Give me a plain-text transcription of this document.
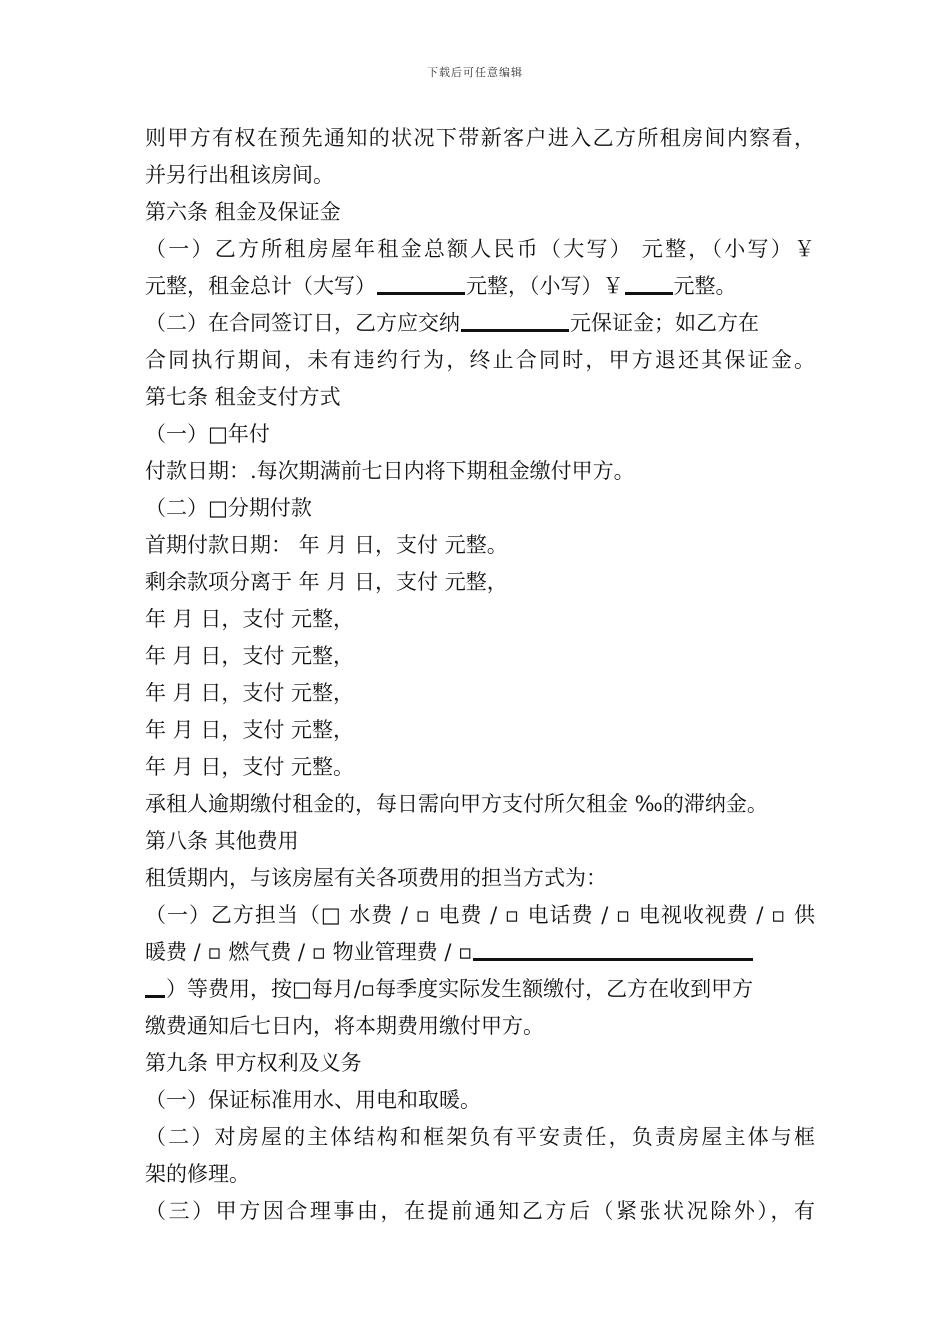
下载后可任意编辑
则甲方有权在预先通知的状况下带新客户进入乙方所租房间内察看，
并另行出租该房间。
第六条 租金及保证金
（一）乙方所租房屋年租金总额人民币（大写） 元整，（小写）￥
元整，租金总计（大写）	元整，（小写）￥ 元整。
（二）在合同签订日，乙方应交纳	元保证金；如乙方在
合同执行期间，未有违约行为，终止合同时，甲方退还其保证金。
第七条 租金支付方式
（一）□年付
付款日期：.每次期满前七日内将下期租金缴付甲方。
（二）□分期付款
首期付款日期： 年 月 日，支付 元整。
剩余款项分离于 年 月 日，支付 元整，
年 月 日，支付 元整，
年 月 日，支付 元整，
年 月 日，支付 元整，
年 月 日，支付 元整，
年 月 日，支付 元整。
承租人逾期缴付租金的，每日需向甲方支付所欠租金 ‰的滞纳金。
第八条 其他费用
租赁期内，与该房屋有关各项费用的担当方式为：
（一）乙方担当（□ 水费 / ▫ 电费 / ▫ 电话费 / ▫ 电视收视费 / ▫ 供
暖费 / ▫ 燃气费 / ▫ 物业管理费 / ▫
）等费用，按□每月/▫每季度实际发生额缴付，乙方在收到甲方
缴费通知后七日内，将本期费用缴付甲方。
第九条 甲方权利及义务
（一）保证标准用水、用电和取暖。
（二）对房屋的主体结构和框架负有平安责任，负责房屋主体与框
架的修理。
（三）甲方因合理事由，在提前通知乙方后（紧张状况除外），有
